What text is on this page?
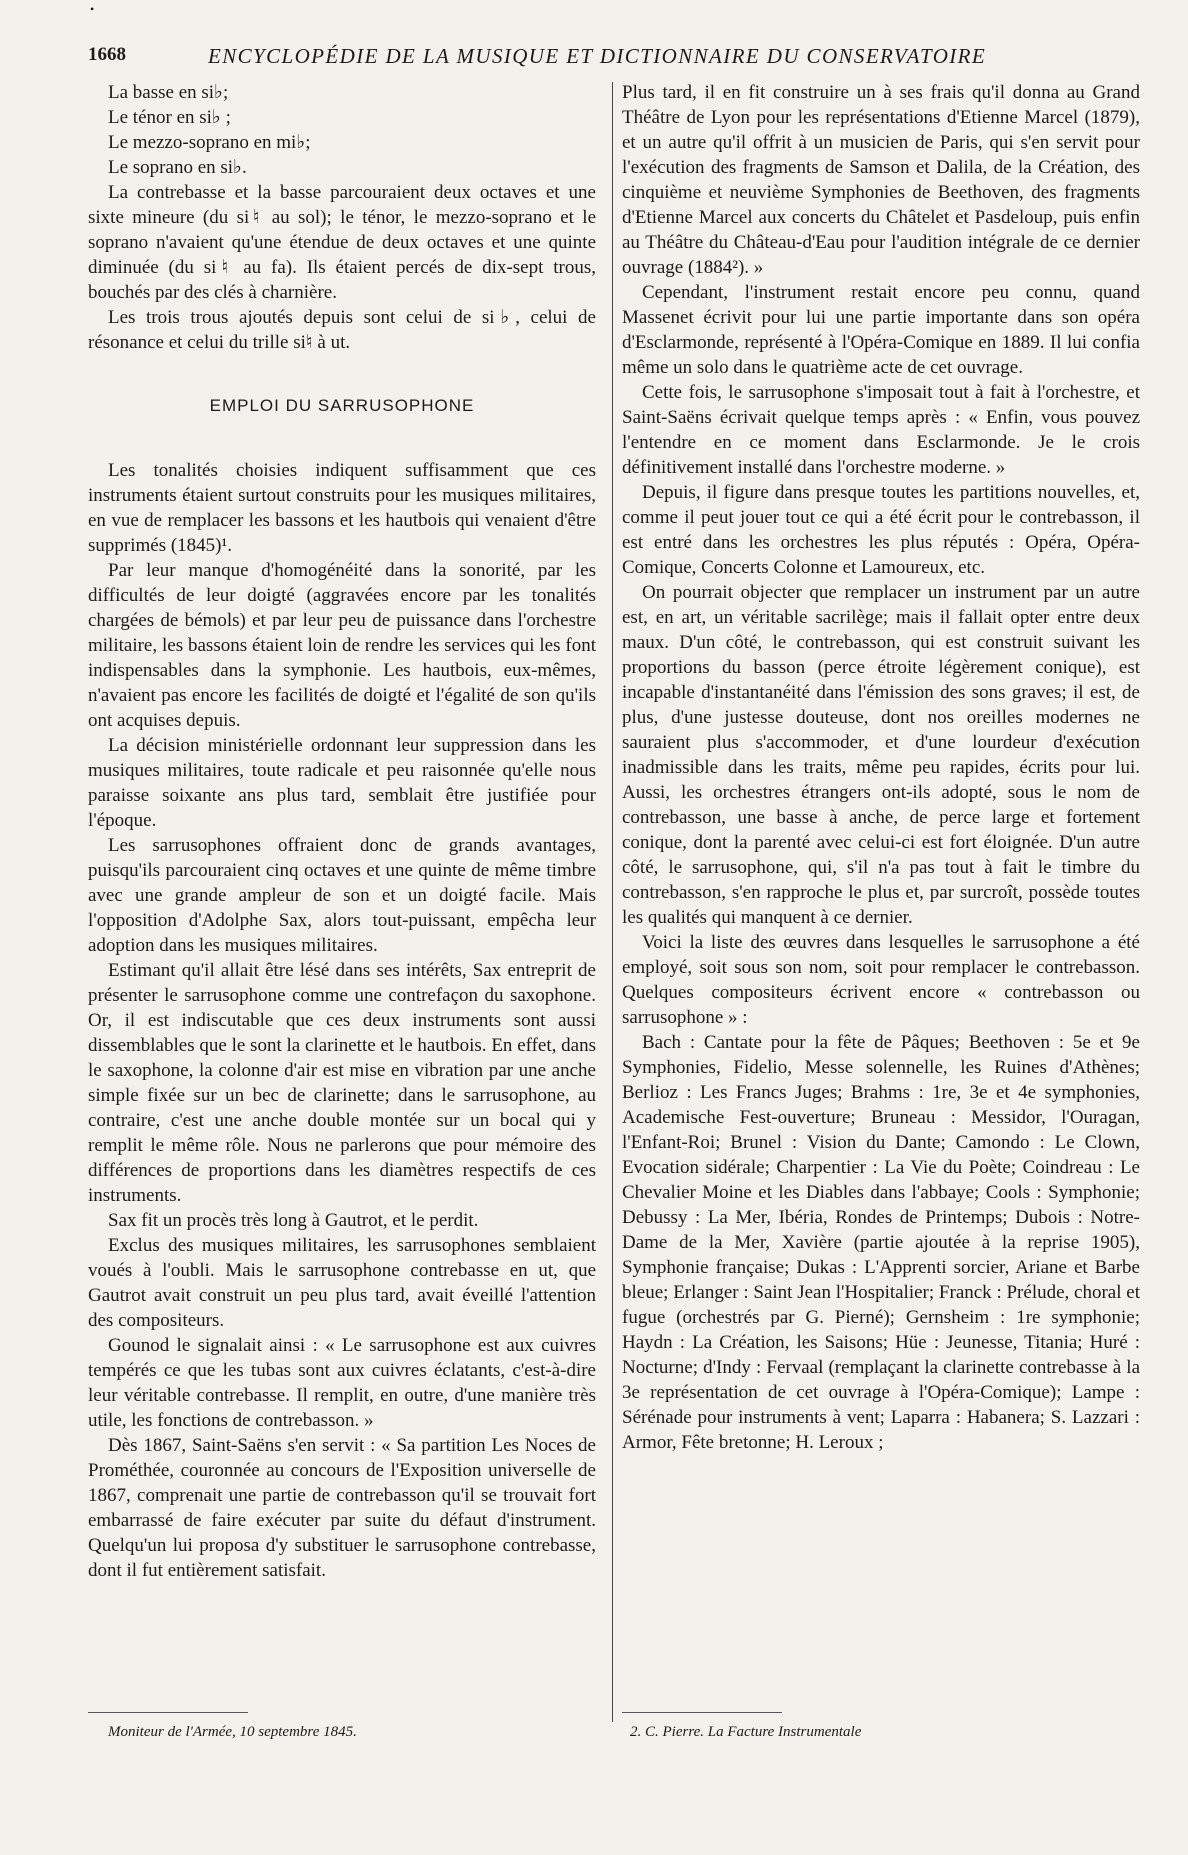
•
1668	ENCYCLOPÉDIE DE LA MUSIQUE ET DICTIONNAIRE DU CONSERVATOIRE

La basse en si♭;

Le ténor en si♭ ;

Le mezzo-soprano en mi♭;

Le soprano en si♭.

La contrebasse et la basse parcouraient deux octaves et une sixte mineure (du si♮ au sol); le ténor, le mezzo-soprano et le soprano n'avaient qu'une étendue de deux octaves et une quinte diminuée (du si♮ au fa). Ils étaient percés de dix-sept trous, bouchés par des clés à charnière.

Les trois trous ajoutés depuis sont celui de si♭, celui de résonance et celui du trille si♮ à ut.

EMPLOI DU SARRUSOPHONE

Les tonalités choisies indiquent suffisamment que ces instruments étaient surtout construits pour les musiques militaires, en vue de remplacer les bassons et les hautbois qui venaient d'être supprimés (1845)¹.

Par leur manque d'homogénéité dans la sonorité, par les difficultés de leur doigté (aggravées encore par les tonalités chargées de bémols) et par leur peu de puissance dans l'orchestre militaire, les bassons étaient loin de rendre les services qui les font indispensables dans la symphonie. Les hautbois, eux-mêmes, n'avaient pas encore les facilités de doigté et l'égalité de son qu'ils ont acquises depuis.

La décision ministérielle ordonnant leur suppression dans les musiques militaires, toute radicale et peu raisonnée qu'elle nous paraisse soixante ans plus tard, semblait être justifiée pour l'époque.

Les sarrusophones offraient donc de grands avantages, puisqu'ils parcouraient cinq octaves et une quinte de même timbre avec une grande ampleur de son et un doigté facile. Mais l'opposition d'Adolphe Sax, alors tout-puissant, empêcha leur adoption dans les musiques militaires.

Estimant qu'il allait être lésé dans ses intérêts, Sax entreprit de présenter le sarrusophone comme une contrefaçon du saxophone. Or, il est indiscutable que ces deux instruments sont aussi dissemblables que le sont la clarinette et le hautbois. En effet, dans le saxophone, la colonne d'air est mise en vibration par une anche simple fixée sur un bec de clarinette; dans le sarrusophone, au contraire, c'est une anche double montée sur un bocal qui y remplit le même rôle. Nous ne parlerons que pour mémoire des différences de proportions dans les diamètres respectifs de ces instruments.

Sax fit un procès très long à Gautrot, et le perdit.

Exclus des musiques militaires, les sarrusophones semblaient voués à l'oubli. Mais le sarrusophone contrebasse en ut, que Gautrot avait construit un peu plus tard, avait éveillé l'attention des compositeurs.

Gounod le signalait ainsi : « Le sarrusophone est aux cuivres tempérés ce que les tubas sont aux cuivres éclatants, c'est-à-dire leur véritable contrebasse. Il remplit, en outre, d'une manière très utile, les fonctions de contrebasson. »

Dès 1867, Saint-Saëns s'en servit : « Sa partition Les Noces de Prométhée, couronnée au concours de l'Exposition universelle de 1867, comprenait une partie de contrebasson qu'il se trouvait fort embarrassé de faire exécuter par suite du défaut d'instrument. Quelqu'un lui proposa d'y substituer le sarrusophone contrebasse, dont il fut entièrement satisfait.

Plus tard, il en fit construire un à ses frais qu'il donna au Grand Théâtre de Lyon pour les représentations d'Etienne Marcel (1879), et un autre qu'il offrit à un musicien de Paris, qui s'en servit pour l'exécution des fragments de Samson et Dalila, de la Création, des cinquième et neuvième Symphonies de Beethoven, des fragments d'Etienne Marcel aux concerts du Châtelet et Pasdeloup, puis enfin au Théâtre du Château-d'Eau pour l'audition intégrale de ce dernier ouvrage (1884²). »

Cependant, l'instrument restait encore peu connu, quand Massenet écrivit pour lui une partie importante dans son opéra d'Esclarmonde, représenté à l'Opéra-Comique en 1889. Il lui confia même un solo dans le quatrième acte de cet ouvrage.

Cette fois, le sarrusophone s'imposait tout à fait à l'orchestre, et Saint-Saëns écrivait quelque temps après : « Enfin, vous pouvez l'entendre en ce moment dans Esclarmonde. Je le crois définitivement installé dans l'orchestre moderne. »

Depuis, il figure dans presque toutes les partitions nouvelles, et, comme il peut jouer tout ce qui a été écrit pour le contrebasson, il est entré dans les orchestres les plus réputés : Opéra, Opéra-Comique, Concerts Colonne et Lamoureux, etc.

On pourrait objecter que remplacer un instrument par un autre est, en art, un véritable sacrilège; mais il fallait opter entre deux maux. D'un côté, le contrebasson, qui est construit suivant les proportions du basson (perce étroite légèrement conique), est incapable d'instantanéité dans l'émission des sons graves; il est, de plus, d'une justesse douteuse, dont nos oreilles modernes ne sauraient plus s'accommoder, et d'une lourdeur d'exécution inadmissible dans les traits, même peu rapides, écrits pour lui. Aussi, les orchestres étrangers ont-ils adopté, sous le nom de contrebasson, une basse à anche, de perce large et fortement conique, dont la parenté avec celui-ci est fort éloignée. D'un autre côté, le sarrusophone, qui, s'il n'a pas tout à fait le timbre du contrebasson, s'en rapproche le plus et, par surcroît, possède toutes les qualités qui manquent à ce dernier.

Voici la liste des œuvres dans lesquelles le sarrusophone a été employé, soit sous son nom, soit pour remplacer le contrebasson. Quelques compositeurs écrivent encore « contrebasson ou sarrusophone » :

Bach : Cantate pour la fête de Pâques; Beethoven : 5e et 9e Symphonies, Fidelio, Messe solennelle, les Ruines d'Athènes; Berlioz : Les Francs Juges; Brahms : 1re, 3e et 4e symphonies, Academische Fest-ouverture; Bruneau : Messidor, l'Ouragan, l'Enfant-Roi; Brunel : Vision du Dante; Camondo : Le Clown, Evocation sidérale; Charpentier : La Vie du Poète; Coindreau : Le Chevalier Moine et les Diables dans l'abbaye; Cools : Symphonie; Debussy : La Mer, Ibéria, Rondes de Printemps; Dubois : Notre-Dame de la Mer, Xavière (partie ajoutée à la reprise 1905), Symphonie française; Dukas : L'Apprenti sorcier, Ariane et Barbe bleue; Erlanger : Saint Jean l'Hospitalier; Franck : Prélude, choral et fugue (orchestrés par G. Pierné); Gernsheim : 1re symphonie; Haydn : La Création, les Saisons; Hüe : Jeunesse, Titania; Huré : Nocturne; d'Indy : Fervaal (remplaçant la clarinette contrebasse à la 3e représentation de cet ouvrage à l'Opéra-Comique); Lampe : Sérénade pour instruments à vent; Laparra : Habanera; S. Lazzari : Armor, Fête bretonne; H. Leroux ;

Moniteur de l'Armée, 10 septembre 1845.	2. C. Pierre. La Facture Instrumentale
